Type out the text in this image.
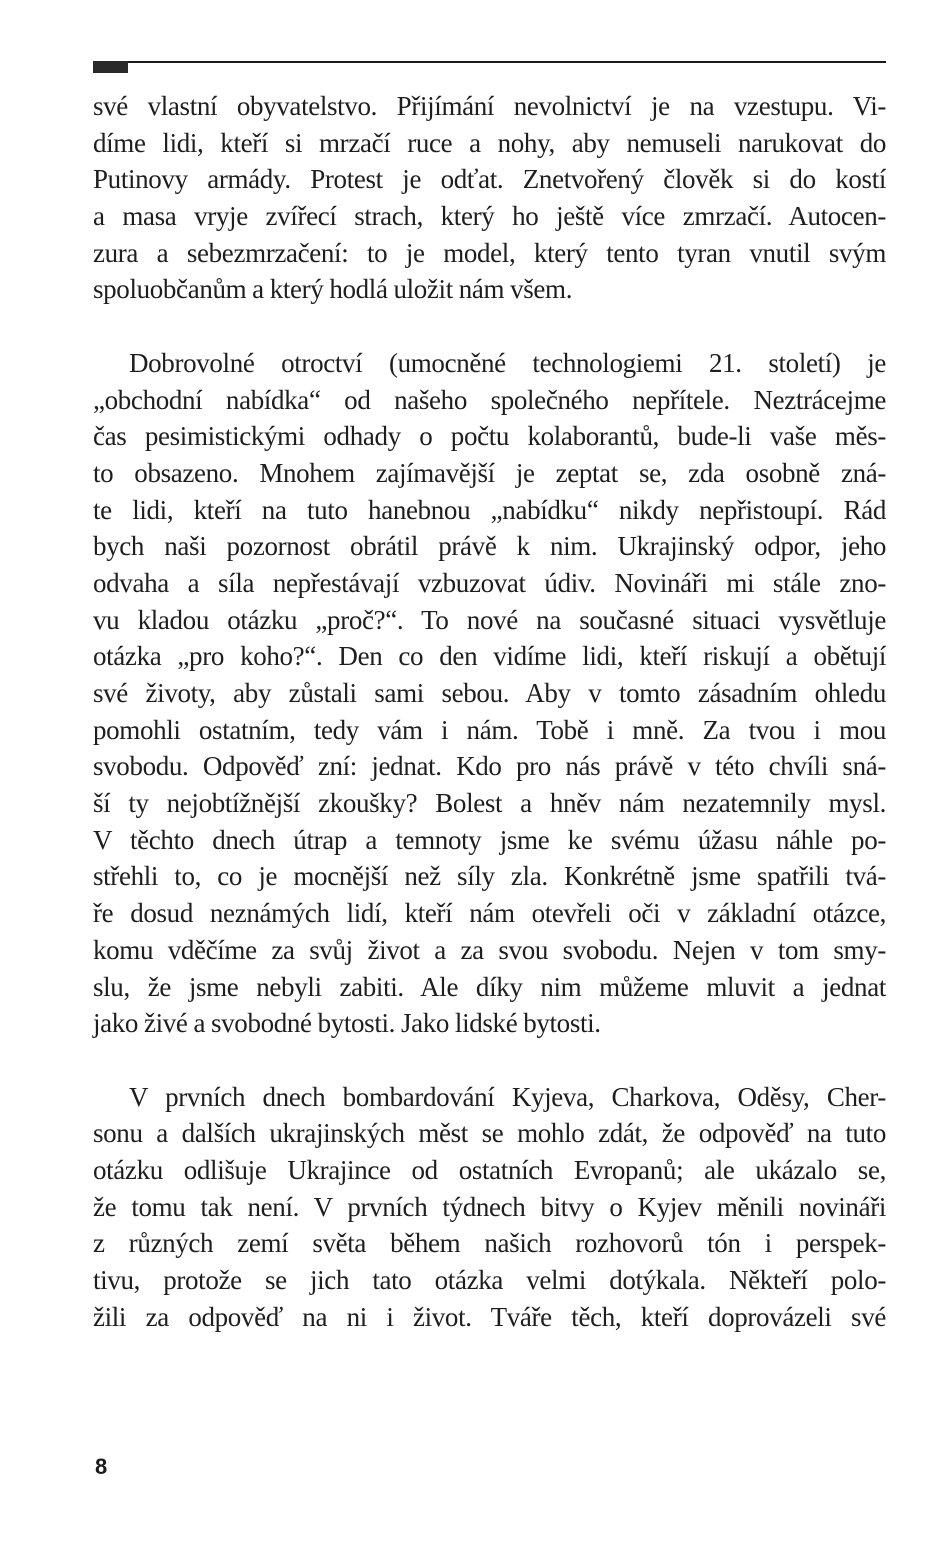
své vlastní obyvatelstvo. Přijímání nevolnictví je na vzestupu. Vi-
díme lidi, kteří si mrzačí ruce a nohy, aby nemuseli narukovat do
Putinovy armády. Protest je odťat. Znetvořený člověk si do kostí
a masa vryje zvířecí strach, který ho ještě více zmrzačí. Autocen-
zura a sebezmrzačení: to je model, který tento tyran vnutil svým
spoluobčanům a který hodlá uložit nám všem.
Dobrovolné otroctví (umocněné technologiemi 21. století) je
„obchodní nabídka“ od našeho společného nepřítele. Neztrácejme
čas pesimistickými odhady o počtu kolaborantů, bude-li vaše měs-
to obsazeno. Mnohem zajímavější je zeptat se, zda osobně zná-
te lidi, kteří na tuto hanebnou „nabídku“ nikdy nepřistoupí. Rád
bych naši pozornost obrátil právě k nim. Ukrajinský odpor, jeho
odvaha a síla nepřestávají vzbuzovat údiv. Novináři mi stále zno-
vu kladou otázku „proč?“. To nové na současné situaci vysvětluje
otázka „pro koho?“. Den co den vidíme lidi, kteří riskují a obětují
své životy, aby zůstali sami sebou. Aby v tomto zásadním ohledu
pomohli ostatním, tedy vám i nám. Tobě i mně. Za tvou i mou
svobodu. Odpověď zní: jednat. Kdo pro nás právě v této chvíli sná-
ší ty nejobtížnější zkoušky? Bolest a hněv nám nezatemnily mysl.
V těchto dnech útrap a temnoty jsme ke svému úžasu náhle po-
střehli to, co je mocnější než síly zla. Konkrétně jsme spatřili tvá-
ře dosud neznámých lidí, kteří nám otevřeli oči v základní otázce,
komu vděčíme za svůj život a za svou svobodu. Nejen v tom smy-
slu, že jsme nebyli zabiti. Ale díky nim můžeme mluvit a jednat
jako živé a svobodné bytosti. Jako lidské bytosti.
V prvních dnech bombardování Kyjeva, Charkova, Oděsy, Cher-
sonu a dalších ukrajinských měst se mohlo zdát, že odpověď na tuto
otázku odlišuje Ukrajince od ostatních Evropanů; ale ukázalo se,
že tomu tak není. V prvních týdnech bitvy o Kyjev měnili novináři
z různých zemí světa během našich rozhovorů tón i perspek-
tivu, protože se jich tato otázka velmi dotýkala. Někteří polo-
žili za odpověď na ni i život. Tváře těch, kteří doprovázeli své
8
